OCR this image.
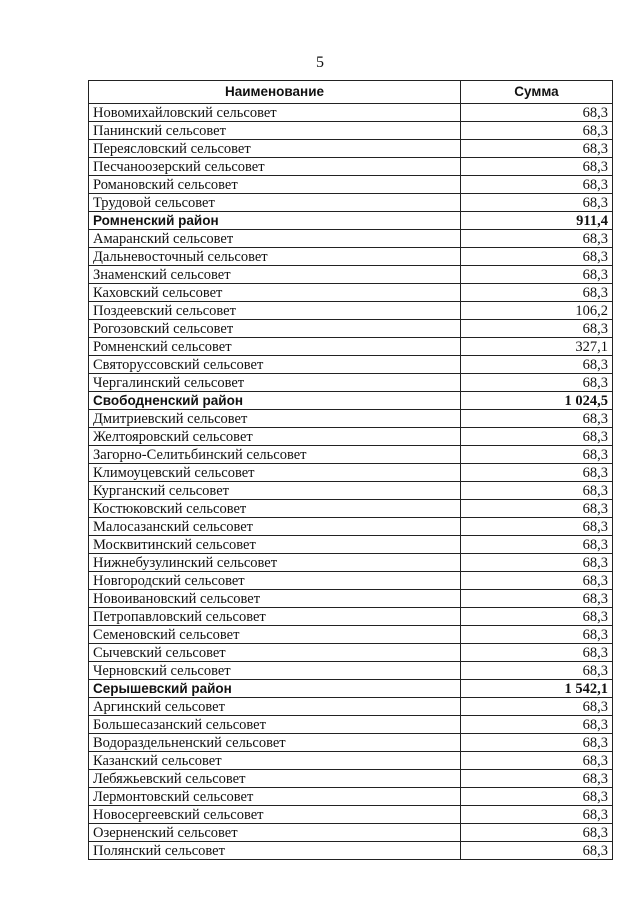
5
Наименование	Сумма
Новомихайловский сельсовет	68,3
Панинский сельсовет	68,3
Переясловский сельсовет	68,3
Песчаноозерский сельсовет	68,3
Романовский сельсовет	68,3
Трудовой сельсовет	68,3
Ромненский район	911,4
Амаранский сельсовет	68,3
Дальневосточный сельсовет	68,3
Знаменский сельсовет	68,3
Каховский сельсовет	68,3
Поздеевский сельсовет	106,2
Рогозовский сельсовет	68,3
Ромненский сельсовет	327,1
Святоруссовский сельсовет	68,3
Чергалинский сельсовет	68,3
Свободненский район	1 024,5
Дмитриевский сельсовет	68,3
Желтояровский сельсовет	68,3
Загорно-Селитьбинский сельсовет	68,3
Климоуцевский сельсовет	68,3
Курганский сельсовет	68,3
Костюковский сельсовет	68,3
Малосазанский сельсовет	68,3
Москвитинский сельсовет	68,3
Нижнебузулинский сельсовет	68,3
Новгородский сельсовет	68,3
Новоивановский сельсовет	68,3
Петропавловский сельсовет	68,3
Семеновский сельсовет	68,3
Сычевский сельсовет	68,3
Черновский сельсовет	68,3
Серышевский район	1 542,1
Аргинский сельсовет	68,3
Большесазанский сельсовет	68,3
Водораздельненский сельсовет	68,3
Казанский сельсовет	68,3
Лебяжьевский сельсовет	68,3
Лермонтовский сельсовет	68,3
Новосергеевский сельсовет	68,3
Озерненский сельсовет	68,3
Полянский сельсовет	68,3
